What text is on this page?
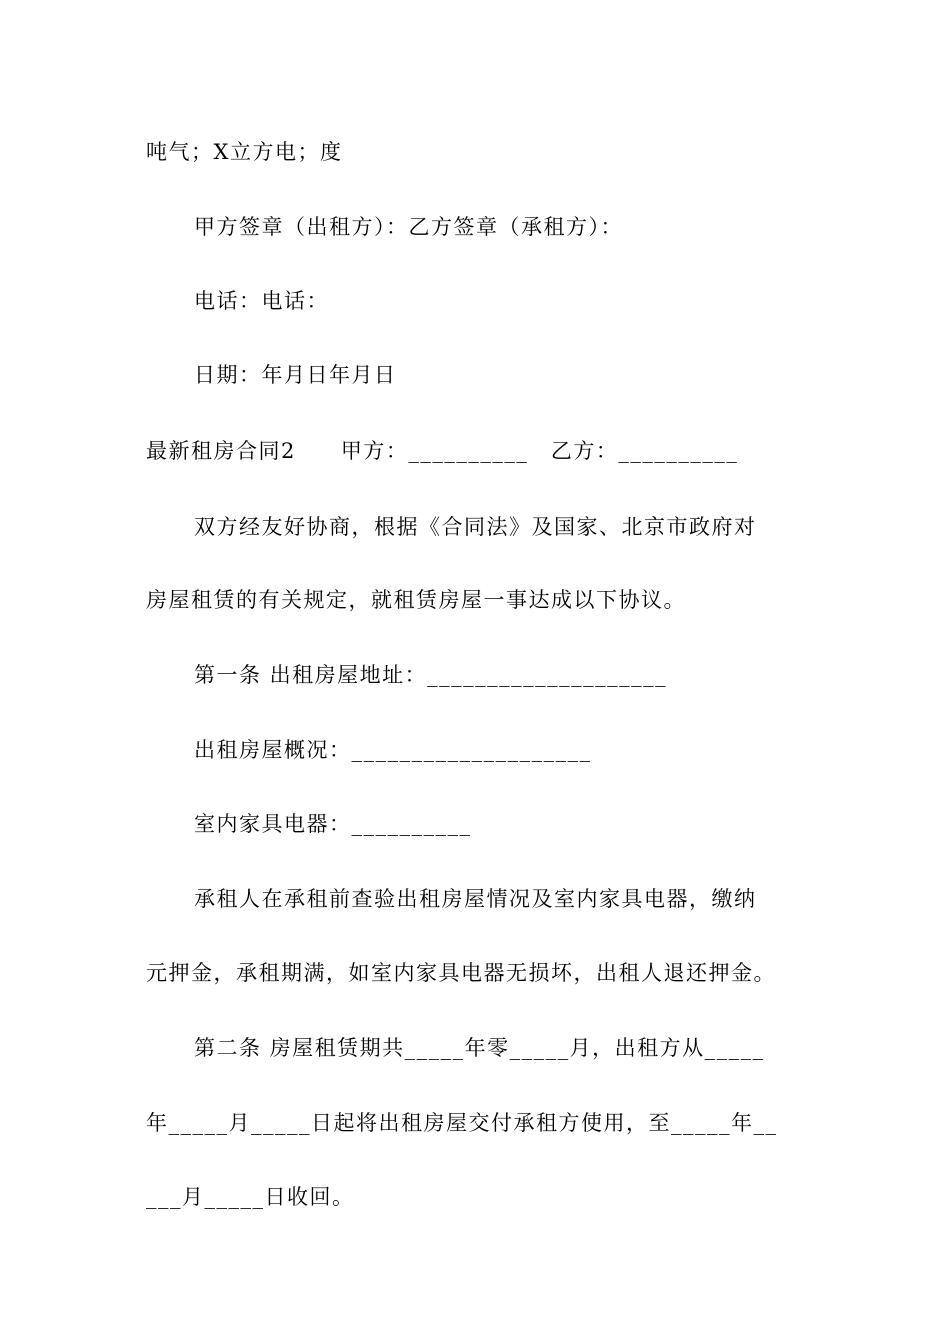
吨气；X立方电；度
甲方签章（出租方）：乙方签章（承租方）：
电话：电话：
日期：年月日年月日
最新租房合同2　　甲方：__________　乙方：__________
双方经友好协商，根据《合同法》及国家、北京市政府对
房屋租赁的有关规定，就租赁房屋一事达成以下协议。
第一条 出租房屋地址：____________________
出租房屋概况：____________________
室内家具电器：__________
承租人在承租前查验出租房屋情况及室内家具电器，缴纳
元押金，承租期满，如室内家具电器无损坏，出租人退还押金。
第二条 房屋租赁期共_____年零_____月，出租方从_____
年_____月_____日起将出租房屋交付承租方使用，至_____年__
___月_____日收回。
